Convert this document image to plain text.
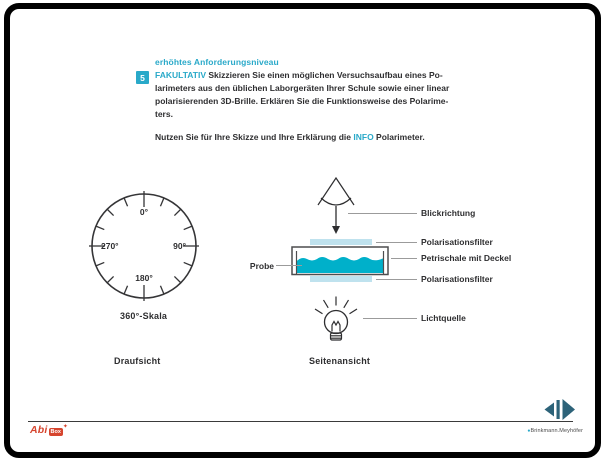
erhöhtes Anforderungsniveau
5	FAKULTATIV Skizzieren Sie einen möglichen Versuchsaufbau eines Po-
larimeters aus den üblichen Laborgeräten Ihrer Schule sowie einer linear
polarisierenden 3D-Brille. Erklären Sie die Funktionsweise des Polarime-
ters.
Nutzen Sie für Ihre Skizze und Ihre Erklärung die INFO Polarimeter.
0°
90°
180°
270°
360°-Skala
Draufsicht
Blickrichtung
Polarisationsfilter
Petrischale mit Deckel
Polarisationsfilter
Lichtquelle
Probe
Seitenansicht
Abi Box
✦
●Brinkmann.Meyhöfer
